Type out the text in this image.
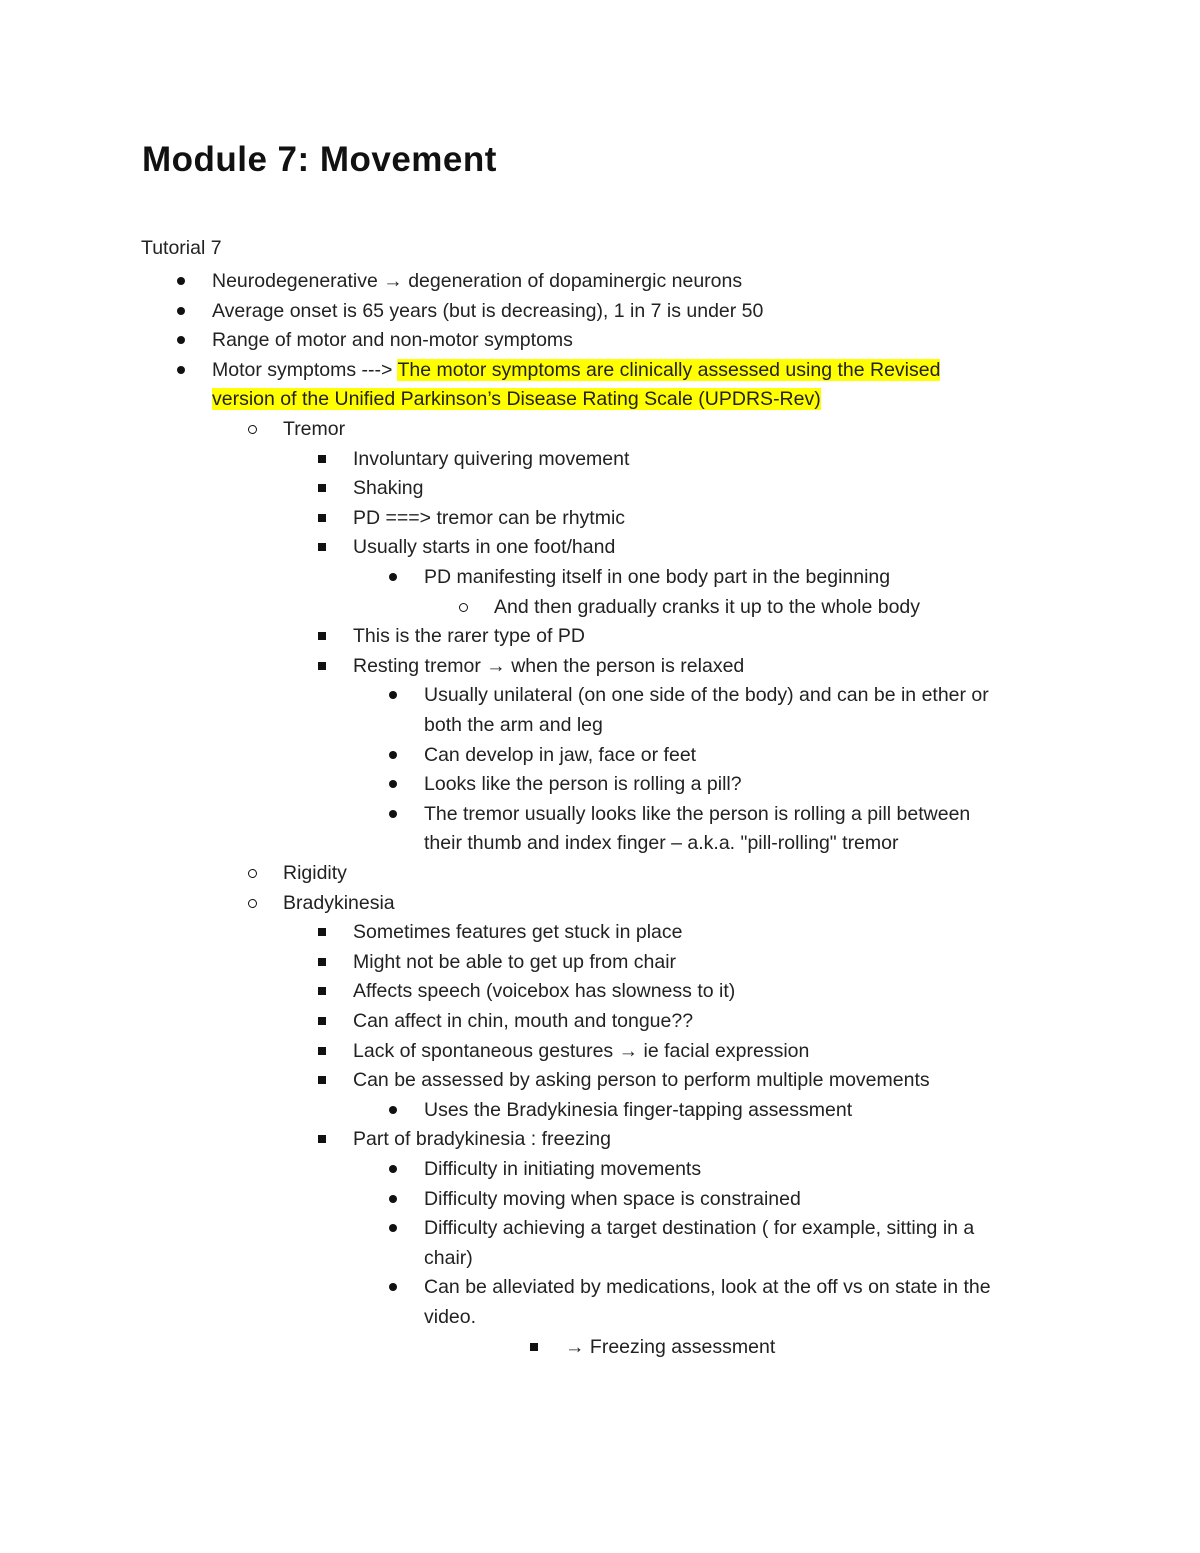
Module 7: Movement

Tutorial 7

Neurodegenerative → degeneration of dopaminergic neurons
Average onset is 65 years (but is decreasing), 1 in 7 is under 50
Range of motor and non-motor symptoms
Motor symptoms ---> The motor symptoms are clinically assessed using the Revised
version of the Unified Parkinson’s Disease Rating Scale (UPDRS-Rev)
Tremor
Involuntary quivering movement
Shaking
PD ===> tremor can be rhytmic
Usually starts in one foot/hand
PD manifesting itself in one body part in the beginning
And then gradually cranks it up to the whole body
This is the rarer type of PD
Resting tremor → when the person is relaxed
Usually unilateral (on one side of the body) and can be in ether or
both the arm and leg
Can develop in jaw, face or feet
Looks like the person is rolling a pill?
The tremor usually looks like the person is rolling a pill between
their thumb and index finger – a.k.a. "pill-rolling" tremor
Rigidity
Bradykinesia
Sometimes features get stuck in place
Might not be able to get up from chair
Affects speech (voicebox has slowness to it)
Can affect in chin, mouth and tongue??
Lack of spontaneous gestures → ie facial expression
Can be assessed by asking person to perform multiple movements
Uses the Bradykinesia finger-tapping assessment
Part of bradykinesia : freezing
Difficulty in initiating movements
Difficulty moving when space is constrained
Difficulty achieving a target destination ( for example, sitting in a
chair)
Can be alleviated by medications, look at the off vs on state in the
video.
→ Freezing assessment
